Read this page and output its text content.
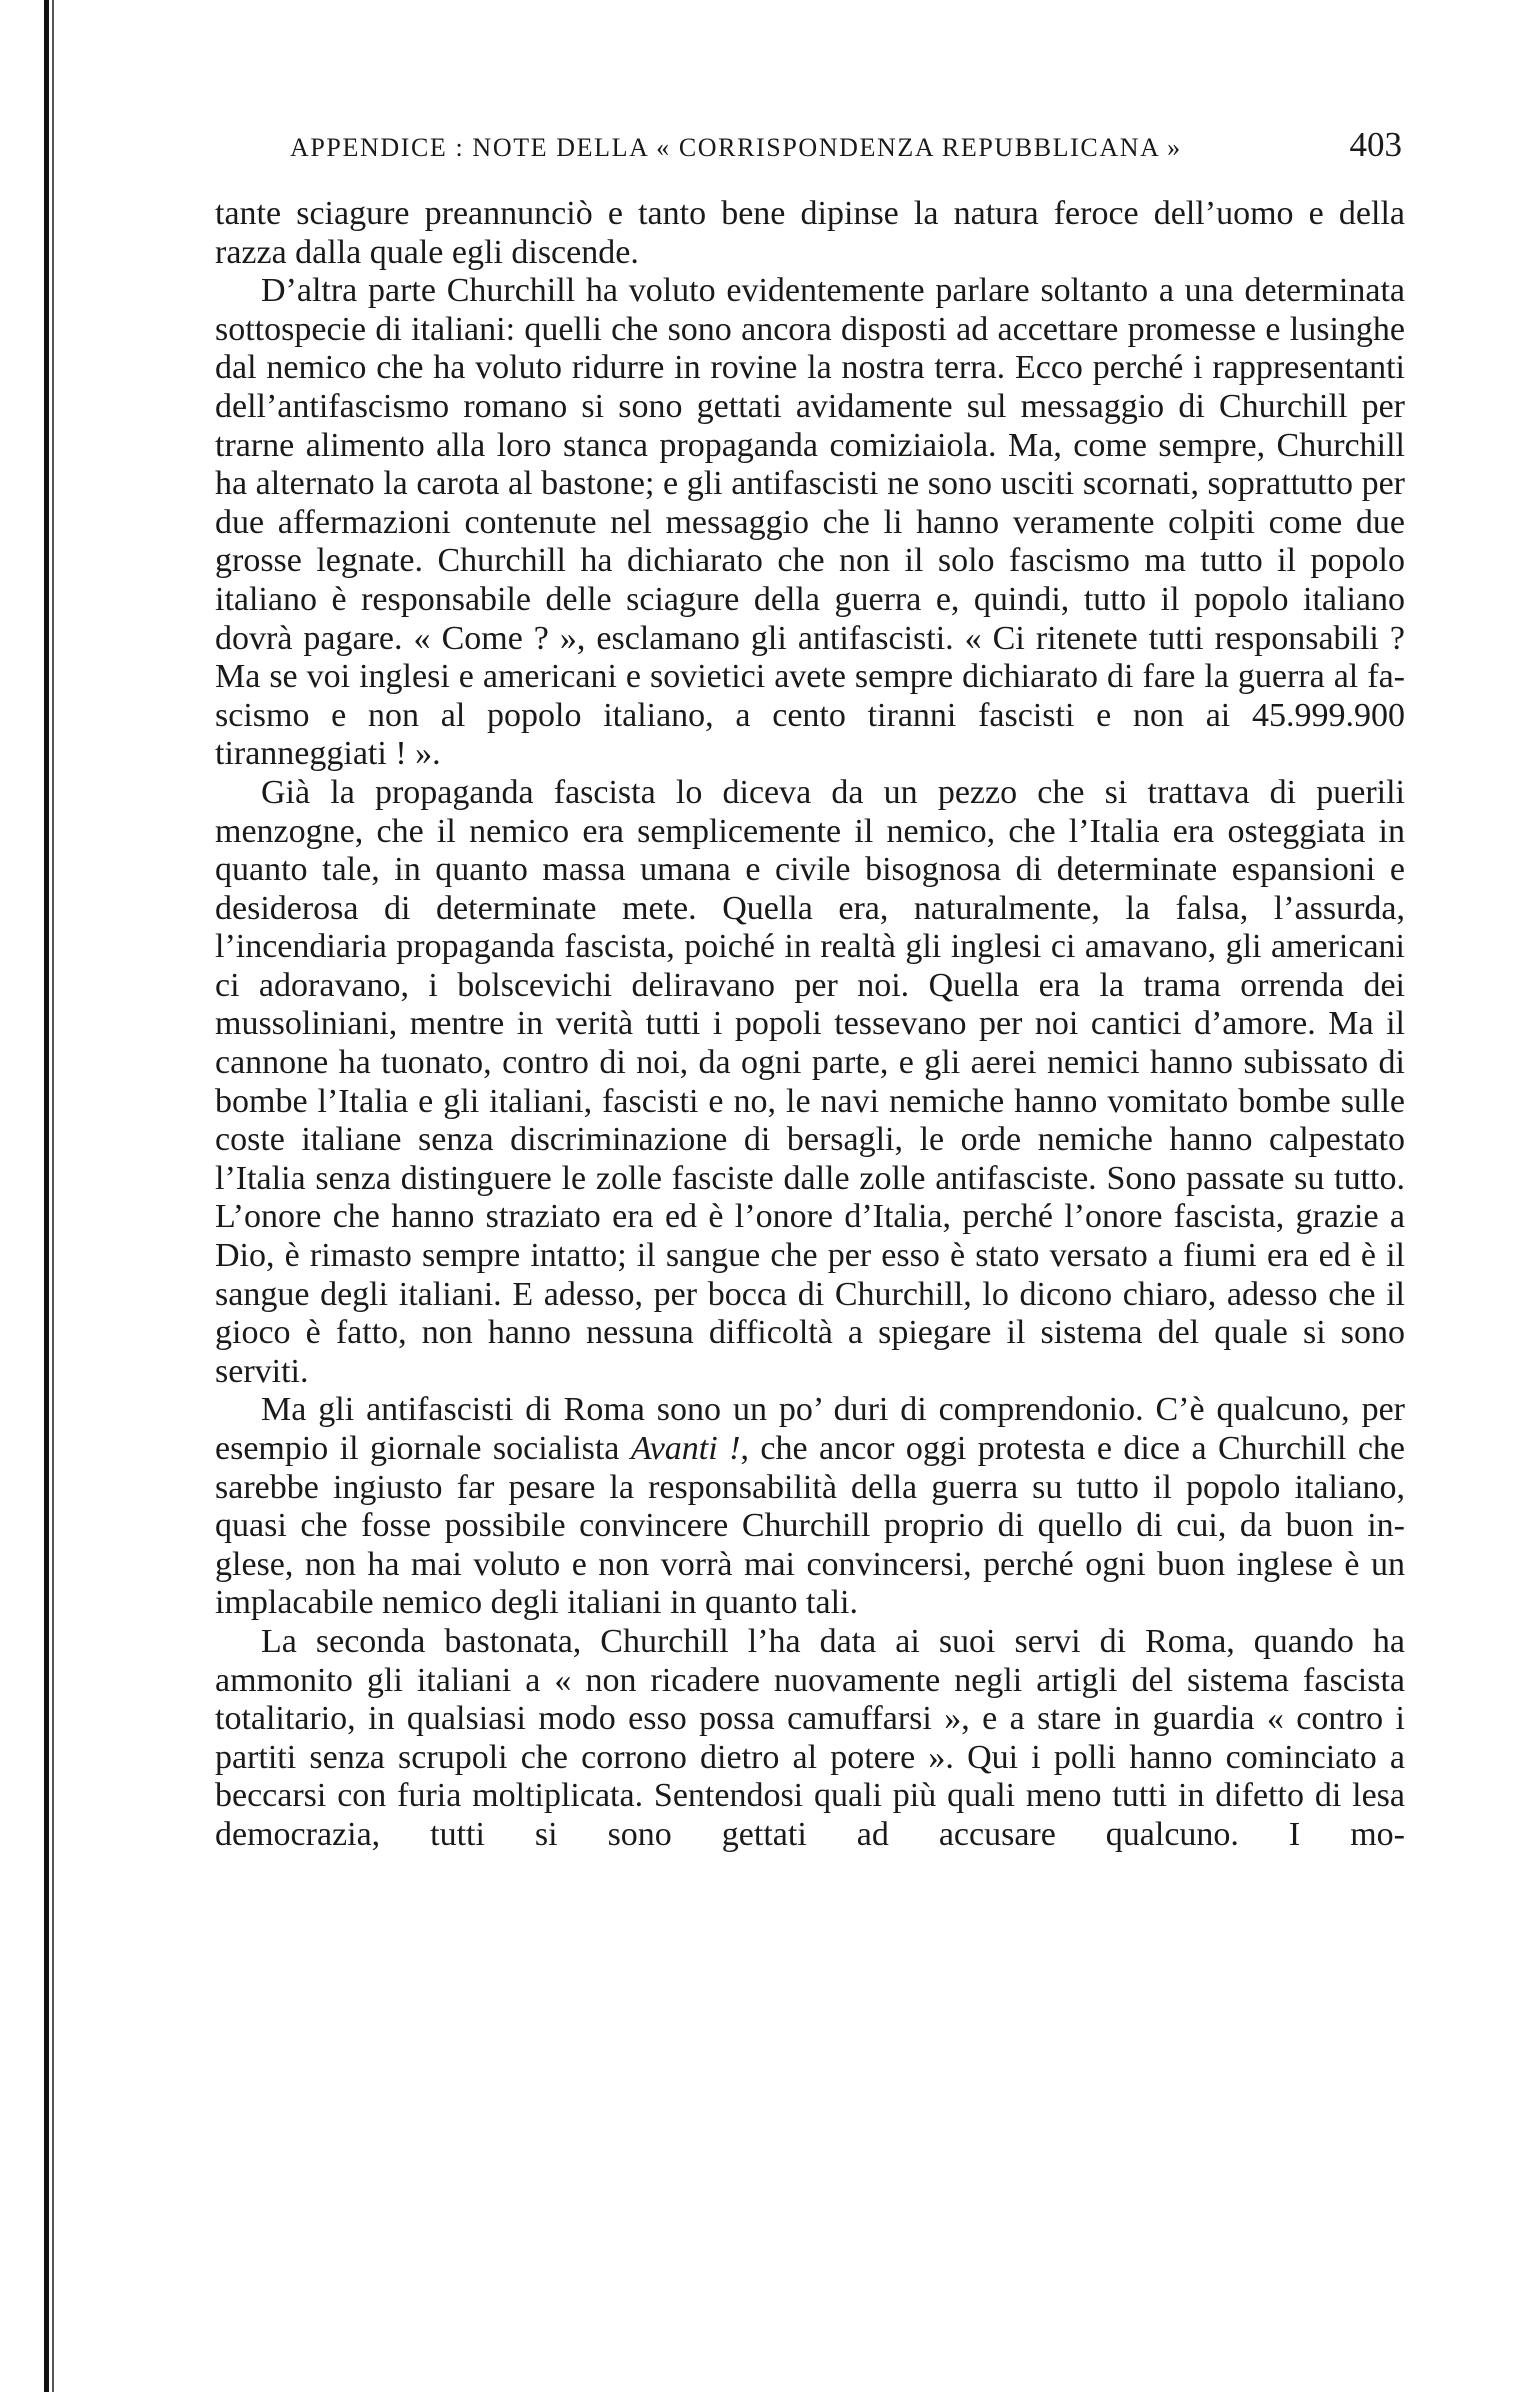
APPENDICE : NOTE DELLA « CORRISPONDENZA REPUBBLICANA »	403

tante sciagure preannunciò e tanto bene dipinse la natura feroce dell’uomo e della razza dalla quale egli discende.

D’altra parte Churchill ha voluto evidentemente parlare soltanto a una determinata sottospecie di italiani: quelli che sono ancora disposti ad accettare promesse e lusinghe dal nemico che ha voluto ridurre in rovine la nostra terra. Ecco perché i rappresentanti dell’antifascismo romano si sono gettati avidamente sul messaggio di Churchill per trarne alimento alla loro stanca propaganda comiziaiola. Ma, come sempre, Churchill ha alternato la carota al bastone; e gli antifascisti ne sono usciti scornati, soprattutto per due affermazioni contenute nel messaggio che li hanno veramente colpiti come due grosse legnate. Churchill ha dichiarato che non il solo fascismo ma tutto il popolo italiano è responsabile delle sciagure della guerra e, quindi, tutto il popolo italiano dovrà pagare. « Come ? », esclamano gli antifascisti. « Ci ritenete tutti responsabili ? Ma se voi inglesi e americani e sovietici avete sempre dichiarato di fare la guerra al fascismo e non al popolo italiano, a cento tiranni fascisti e non ai 45.999.900 tiranneggiati ! ».

Già la propaganda fascista lo diceva da un pezzo che si trattava di puerili menzogne, che il nemico era semplicemente il nemico, che l’Italia era osteggiata in quanto tale, in quanto massa umana e civile bisognosa di determinate espansioni e desiderosa di determinate mete. Quella era, naturalmente, la falsa, l’assurda, l’incendiaria propaganda fascista, poiché in realtà gli inglesi ci amavano, gli americani ci adoravano, i bolscevichi deliravano per noi. Quella era la trama orrenda dei mussoliniani, mentre in verità tutti i popoli tessevano per noi cantici d’amore. Ma il cannone ha tuonato, contro di noi, da ogni parte, e gli aerei nemici hanno subissato di bombe l’Italia e gli italiani, fascisti e no, le navi nemiche hanno vomitato bombe sulle coste italiane senza discriminazione di bersagli, le orde nemiche hanno calpestato l’Italia senza distinguere le zolle fasciste dalle zolle antifasciste. Sono passate su tutto. L’onore che hanno straziato era ed è l’onore d’Italia, perché l’onore fascista, grazie a Dio, è rimasto sempre intatto; il sangue che per esso è stato versato a fiumi era ed è il sangue degli italiani. E adesso, per bocca di Churchill, lo dicono chiaro, adesso che il gioco è fatto, non hanno nessuna difficoltà a spiegare il sistema del quale si sono serviti.

Ma gli antifascisti di Roma sono un po’ duri di comprendonio. C’è qualcuno, per esempio il giornale socialista Avanti !, che ancor oggi protesta e dice a Churchill che sarebbe ingiusto far pesare la responsabilità della guerra su tutto il popolo italiano, quasi che fosse possibile convincere Churchill proprio di quello di cui, da buon inglese, non ha mai voluto e non vorrà mai convincersi, perché ogni buon inglese è un implacabile nemico degli italiani in quanto tali.

La seconda bastonata, Churchill l’ha data ai suoi servi di Roma, quando ha ammonito gli italiani a « non ricadere nuovamente negli artigli del sistema fascista totalitario, in qualsiasi modo esso possa camuffarsi », e a stare in guardia « contro i partiti senza scrupoli che corrono dietro al potere ». Qui i polli hanno cominciato a beccarsi con furia moltiplicata. Sentendosi quali più quali meno tutti in difetto di lesa democrazia, tutti si sono gettati ad accusare qualcuno. I mo-
